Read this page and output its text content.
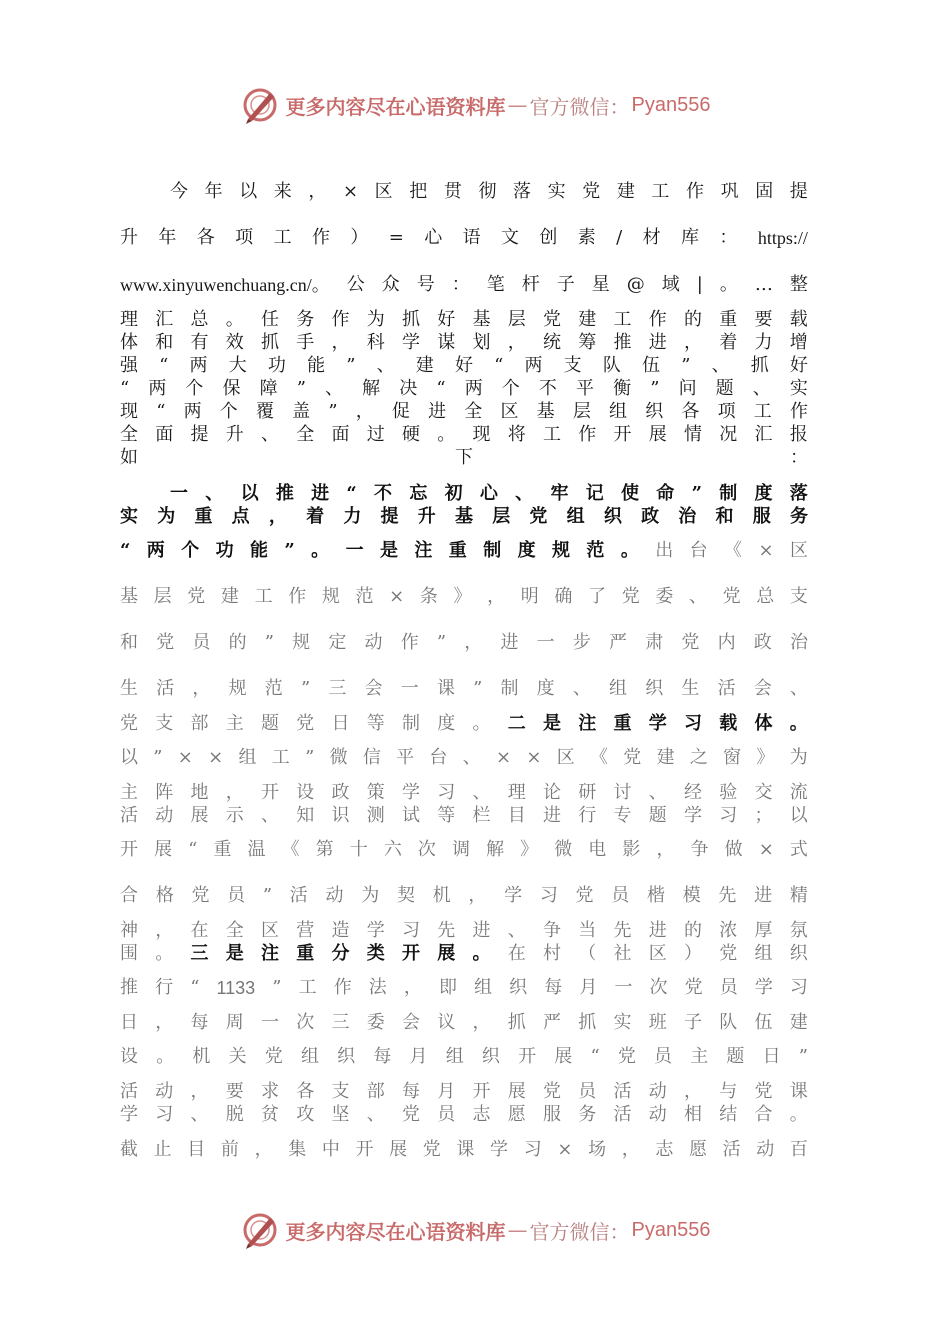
更多内容尽在心语资料库 — 官方微信： Pyan556
今 年 以 来 ， × 区 把 贯 彻 落 实 党 建 工 作 巩 固 提
升 年 各 项 工 作 ） = 心 语 文 创 素 / 材 库 ： https://
www.xinyuwenchuang.cn/。 公 众 号 ： 笔 杆 子 星 @ 域 | 。 … 整
理 汇 总 。 任 务 作 为 抓 好 基 层 党 建 工 作 的 重 要 载
体 和 有 效 抓 手 ， 科 学 谋 划 ， 统 筹 推 进 ， 着 力 增
强 “ 两 大 功 能 ” 、 建 好 “ 两 支 队 伍 ” 、 抓 好
“ 两 个 保 障 ” 、 解 决 “ 两 个 不 平 衡 ” 问 题 、 实
现 “ 两 个 覆 盖 ” ， 促 进 全 区 基 层 组 织 各 项 工 作
全 面 提 升 、 全 面 过 硬 。 现 将 工 作 开 展 情 况 汇 报
如	下	：
一 、 以 推 进 “ 不 忘 初 心 、 牢 记 使 命 ” 制 度 落
实 为 重 点 ， 着 力 提 升 基 层 党 组 织 政 治 和 服 务
“ 两 个 功 能 ” 。 一 是 注 重 制 度 规 范 。 出 台 《 × 区
基 层 党 建 工 作 规 范 × 条 》 ， 明 确 了 党 委 、 党 总 支
和 党 员 的 ” 规 定 动 作 ” ， 进 一 步 严 肃 党 内 政 治
生 活 ， 规 范 ” 三 会 一 课 ” 制 度 、 组 织 生 活 会 、
党 支 部 主 题 党 日 等 制 度 。 二 是 注 重 学 习 载 体 。
以 ” × × 组 工 ” 微 信 平 台 、 × × 区 《 党 建 之 窗 》 为
主 阵 地 ， 开 设 政 策 学 习 、 理 论 研 讨 、 经 验 交 流
活 动 展 示 、 知 识 测 试 等 栏 目 进 行 专 题 学 习 ； 以
开 展 “ 重 温 《 第 十 六 次 调 解 》 微 电 影 ， 争 做 × 式
合 格 党 员 ” 活 动 为 契 机 ， 学 习 党 员 楷 模 先 进 精
神 ， 在 全 区 营 造 学 习 先 进 、 争 当 先 进 的 浓 厚 氛
围 。 三 是 注 重 分 类 开 展 。 在 村 （ 社 区 ） 党 组 织
推 行 “ 1133 ” 工 作 法 ， 即 组 织 每 月 一 次 党 员 学 习
日 ， 每 周 一 次 三 委 会 议 ， 抓 严 抓 实 班 子 队 伍 建
设 。 机 关 党 组 织 每 月 组 织 开 展 “ 党 员 主 题 日 ”
活 动 ， 要 求 各 支 部 每 月 开 展 党 员 活 动 ， 与 党 课
学 习 、 脱 贫 攻 坚 、 党 员 志 愿 服 务 活 动 相 结 合 。
截 止 目 前 ， 集 中 开 展 党 课 学 习 × 场 ， 志 愿 活 动 百
更多内容尽在心语资料库 — 官方微信： Pyan556
